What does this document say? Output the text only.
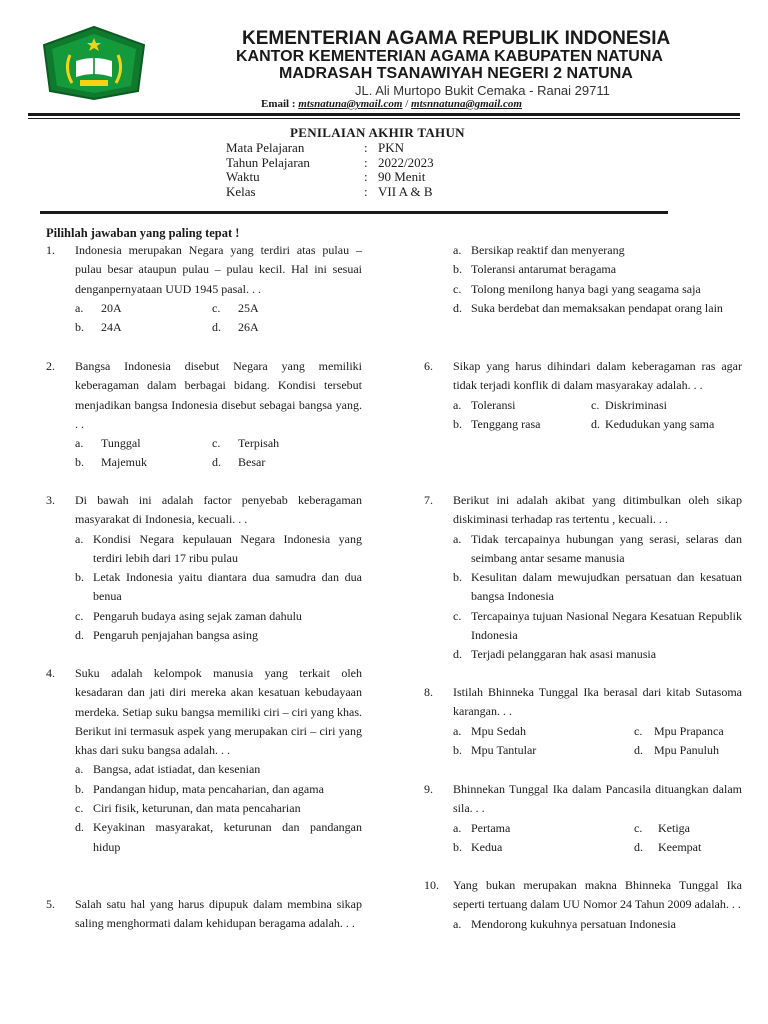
KEMENTERIAN AGAMA REPUBLIK INDONESIA
KANTOR KEMENTERIAN AGAMA KABUPATEN NATUNA
MADRASAH TSANAWIYAH NEGERI 2 NATUNA
JL. Ali Murtopo Bukit Cemaka - Ranai 29711
Email : mtsnatuna@ymail.com / mtsnnatuna@gmail.com
PENILAIAN AKHIR TAHUN
Mata Pelajaran	: PKN
Tahun Pelajaran	: 2022/2023
Waktu	: 90 Menit
Kelas	: VII A & B
Pilihlah jawaban yang paling tepat !
1. Indonesia merupakan Negara yang terdiri atas pulau – pulau besar ataupun pulau – pulau kecil. Hal ini sesuai denganpernyataan UUD 1945 pasal. . .
a.	20A	c.	25A
b.	24A	d.	26A
2. Bangsa Indonesia disebut Negara yang memiliki keberagaman dalam berbagai bidang. Kondisi tersebut menjadikan bangsa Indonesia disebut sebagai bangsa yang. . .
a.	Tunggal	c.	Terpisah
b.	Majemuk	d.	Besar
3. Di bawah ini adalah factor penyebab keberagaman masyarakat di Indonesia, kecuali. . .
a. Kondisi Negara kepulauan Negara Indonesia yang terdiri lebih dari 17 ribu pulau
b. Letak Indonesia yaitu diantara dua samudra dan dua benua
c. Pengaruh budaya asing sejak zaman dahulu
d. Pengaruh penjajahan bangsa asing
4. Suku adalah kelompok manusia yang terkait oleh kesadaran dan jati diri mereka akan kesatuan kebudayaan merdeka. Setiap suku bangsa memiliki ciri – ciri yang khas. Berikut ini termasuk aspek yang merupakan ciri – ciri yang khas dari suku bangsa adalah. . .
a. Bangsa, adat istiadat, dan kesenian
b. Pandangan hidup, mata pencaharian, dan agama
c. Ciri fisik, keturunan, dan mata pencaharian
d. Keyakinan masyarakat, keturunan dan pandangan hidup
5. Salah satu hal yang harus dipupuk dalam membina sikap saling menghormati dalam kehidupan beragama adalah. . .
a. Bersikap reaktif dan menyerang
b. Toleransi antarumat beragama
c. Tolong menilong hanya bagi yang seagama saja
d. Suka berdebat dan memaksakan pendapat orang lain
6. Sikap yang harus dihindari dalam keberagaman ras agar tidak terjadi konflik di dalam masyarakay adalah. . .
a. Toleransi	c. Diskriminasi
b. Tenggang rasa	d. Kedudukan yang sama
7. Berikut ini adalah akibat yang ditimbulkan oleh sikap diskiminasi terhadap ras tertentu , kecuali. . .
a. Tidak tercapainya hubungan yang serasi, selaras dan seimbang antar sesame manusia
b. Kesulitan dalam mewujudkan persatuan dan kesatuan bangsa Indonesia
c. Tercapainya tujuan Nasional Negara Kesatuan Republik Indonesia
d. Terjadi pelanggaran hak asasi manusia
8. Istilah Bhinneka Tunggal Ika berasal dari kitab Sutasoma karangan. . .
a. Mpu Sedah	c. Mpu Prapanca
b. Mpu Tantular	d. Mpu Panuluh
9. Bhinnekan Tunggal Ika dalam Pancasila dituangkan dalam sila. . .
a. Pertama	c.	Ketiga
b. Kedua	d.	Keempat
10. Yang bukan merupakan makna Bhinneka Tunggal Ika seperti tertuang dalam UU Nomor 24 Tahun 2009 adalah. . .
a. Mendorong kukuhnya persatuan Indonesia
